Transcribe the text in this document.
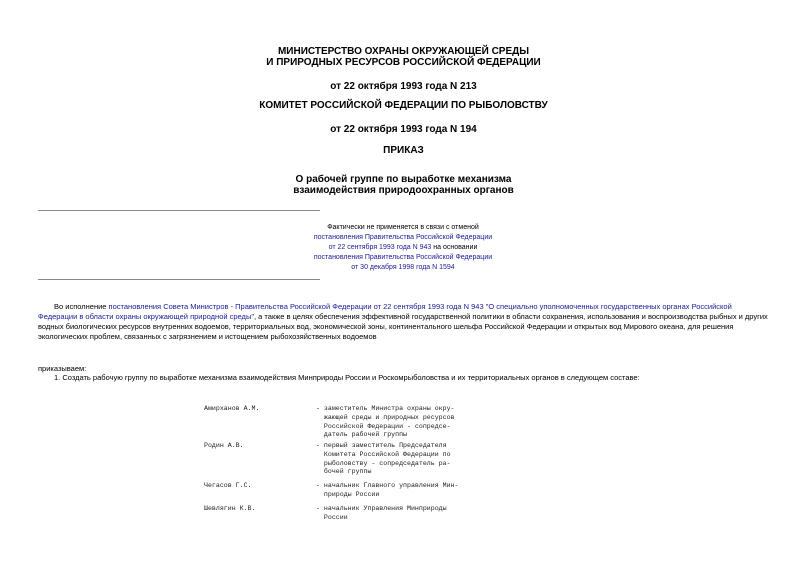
МИНИСТЕРСТВО ОХРАНЫ ОКРУЖАЮЩЕЙ СРЕДЫ
И ПРИРОДНЫХ РЕСУРСОВ РОССИЙСКОЙ ФЕДЕРАЦИИ
от 22 октября 1993 года N 213
КОМИТЕТ РОССИЙСКОЙ ФЕДЕРАЦИИ ПО РЫБОЛОВСТВУ
от 22 октября 1993 года N 194
ПРИКАЗ
О рабочей группе по выработке механизма
взаимодействия природоохранных органов
Фактически не применяется в связи с отменой
постановления Правительства Российской Федерации
от 22 сентября 1993 года N 943 на основании
постановления Правительства Российской Федерации
от 30 декабря 1998 года N 1594
Во исполнение постановления Совета Министров - Правительства Российской Федерации от 22 сентября 1993 года N 943 "О специально уполномоченных государственных органах Российской Федерации в области охраны окружающей природной среды", а также в целях обеспечения эффективной государственной политики в области сохранения, использования и воспроизводства рыбных и других водных биологических ресурсов внутренних водоемов, территориальных вод, экономической зоны, континентального шельфа Российской Федерации и открытых вод Мирового океана, для решения экологических проблем, связанных с загрязнением и истощением рыбохозяйственных водоемов
приказываем:
1. Создать рабочую группу по выработке механизма взаимодействия Минприроды России и Роскомрыболовства и их территориальных органов в следующем составе:
Амирханов А.М.	- заместитель Министра охраны окру-
жающей среды и природных ресурсов
Российской Федерации - сопредсе-
датель рабочей группы
Родин А.В.	- первый заместитель Председателя
Комитета Российской Федерации по
рыболовству - сопредседатель ра-
бочей группы
Чегасов Г.С.	- начальник Главного управления Мин-
природы России
Шевлягин К.В.	- начальник Управления Минприроды
России
